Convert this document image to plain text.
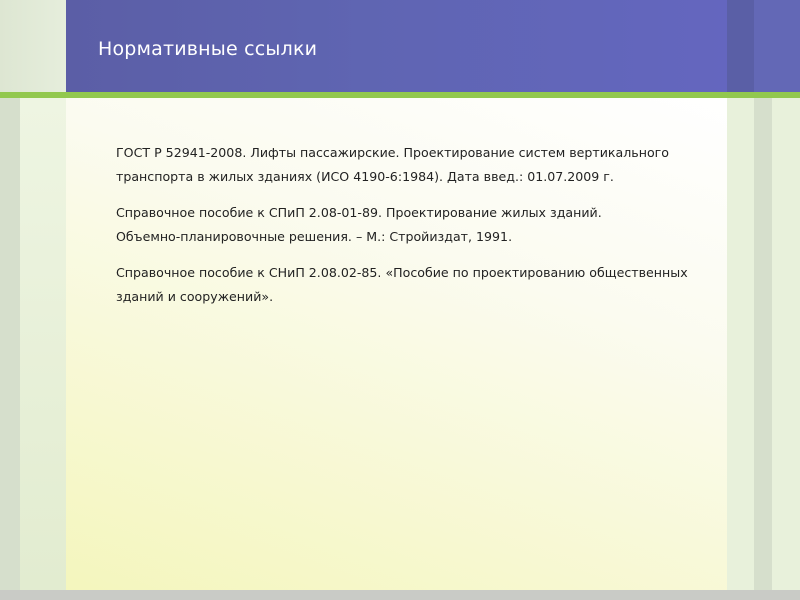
Нормативные ссылки

ГОСТ Р 52941-2008. Лифты пассажирские. Проектирование систем вертикального
транспорта в жилых зданиях (ИСО 4190-6:1984). Дата введ.: 01.07.2009 г.

Справочное пособие к СПиП 2.08-01-89. Проектирование жилых зданий.
Объемно-планировочные решения. – М.: Стройиздат, 1991.

Справочное пособие к СНиП 2.08.02-85. «Пособие по проектированию общественных
зданий и сооружений».
